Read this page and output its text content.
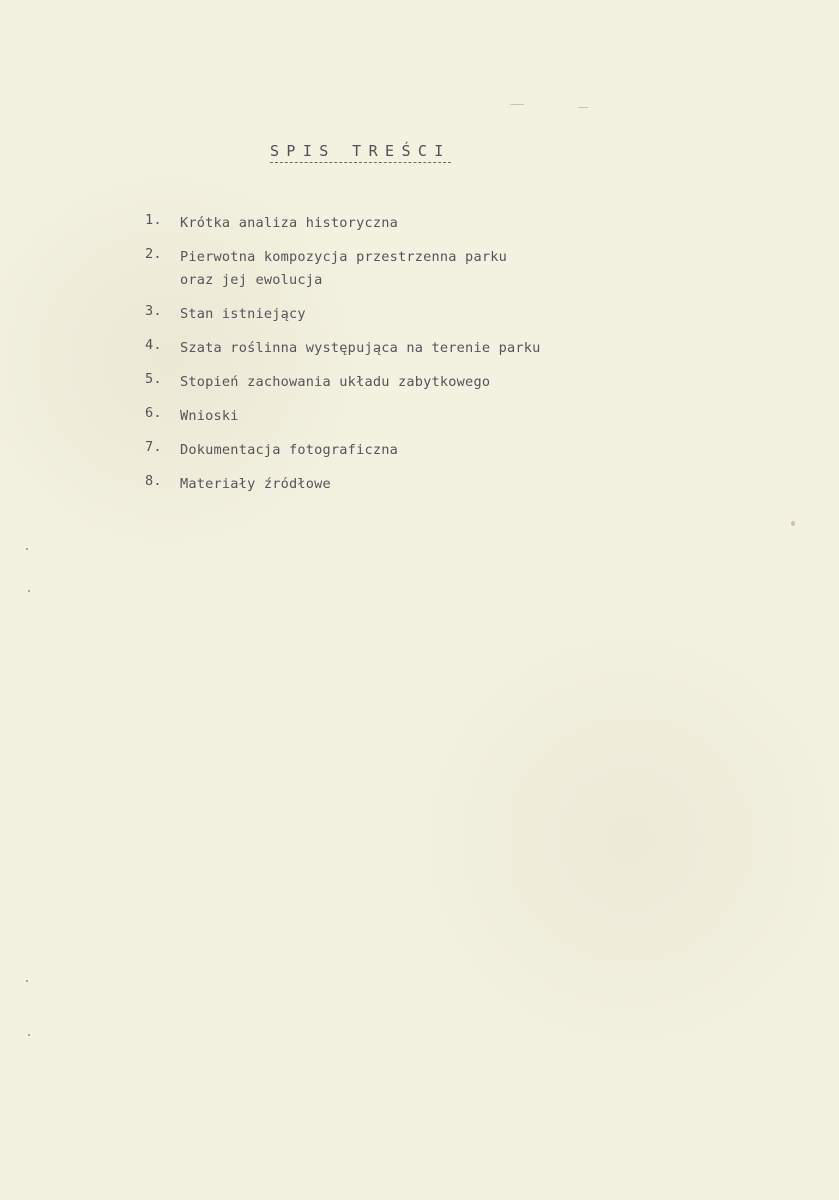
SPIS TREŚCI
1.	Krótka analiza historyczna
2.	Pierwotna kompozycja przestrzenna parku
oraz jej ewolucja
3.	Stan istniejący
4.	Szata roślinna występująca na terenie parku
5.	Stopień zachowania układu zabytkowego
6.	Wnioski
7.	Dokumentacja fotograficzna
8.	Materiały źródłowe
